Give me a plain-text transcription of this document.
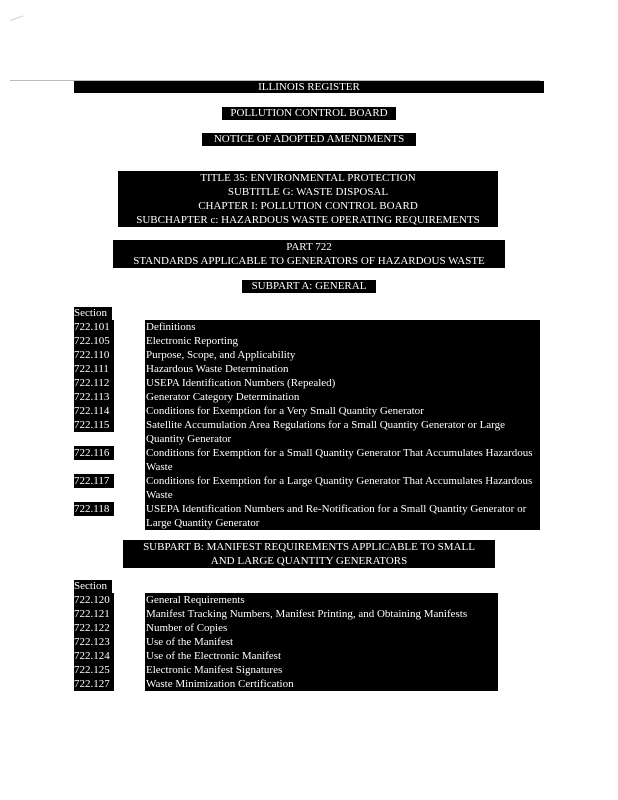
ILLINOIS REGISTER
POLLUTION CONTROL BOARD
NOTICE OF ADOPTED AMENDMENTS
TITLE 35: ENVIRONMENTAL PROTECTION
SUBTITLE G: WASTE DISPOSAL
CHAPTER I: POLLUTION CONTROL BOARD
SUBCHAPTER c: HAZARDOUS WASTE OPERATING REQUIREMENTS
PART 722
STANDARDS APPLICABLE TO GENERATORS OF HAZARDOUS WASTE
SUBPART A: GENERAL
Section
722.101	Definitions
722.105	Electronic Reporting
722.110	Purpose, Scope, and Applicability
722.111	Hazardous Waste Determination
722.112	USEPA Identification Numbers (Repealed)
722.113	Generator Category Determination
722.114	Conditions for Exemption for a Very Small Quantity Generator
722.115	Satellite Accumulation Area Regulations for a Small Quantity Generator or Large Quantity Generator
722.116	Conditions for Exemption for a Small Quantity Generator That Accumulates Hazardous Waste
722.117	Conditions for Exemption for a Large Quantity Generator That Accumulates Hazardous Waste
722.118	USEPA Identification Numbers and Re-Notification for a Small Quantity Generator or Large Quantity Generator
SUBPART B: MANIFEST REQUIREMENTS APPLICABLE TO SMALL
AND LARGE QUANTITY GENERATORS
Section
722.120	General Requirements
722.121	Manifest Tracking Numbers, Manifest Printing, and Obtaining Manifests
722.122	Number of Copies
722.123	Use of the Manifest
722.124	Use of the Electronic Manifest
722.125	Electronic Manifest Signatures
722.127	Waste Minimization Certification
